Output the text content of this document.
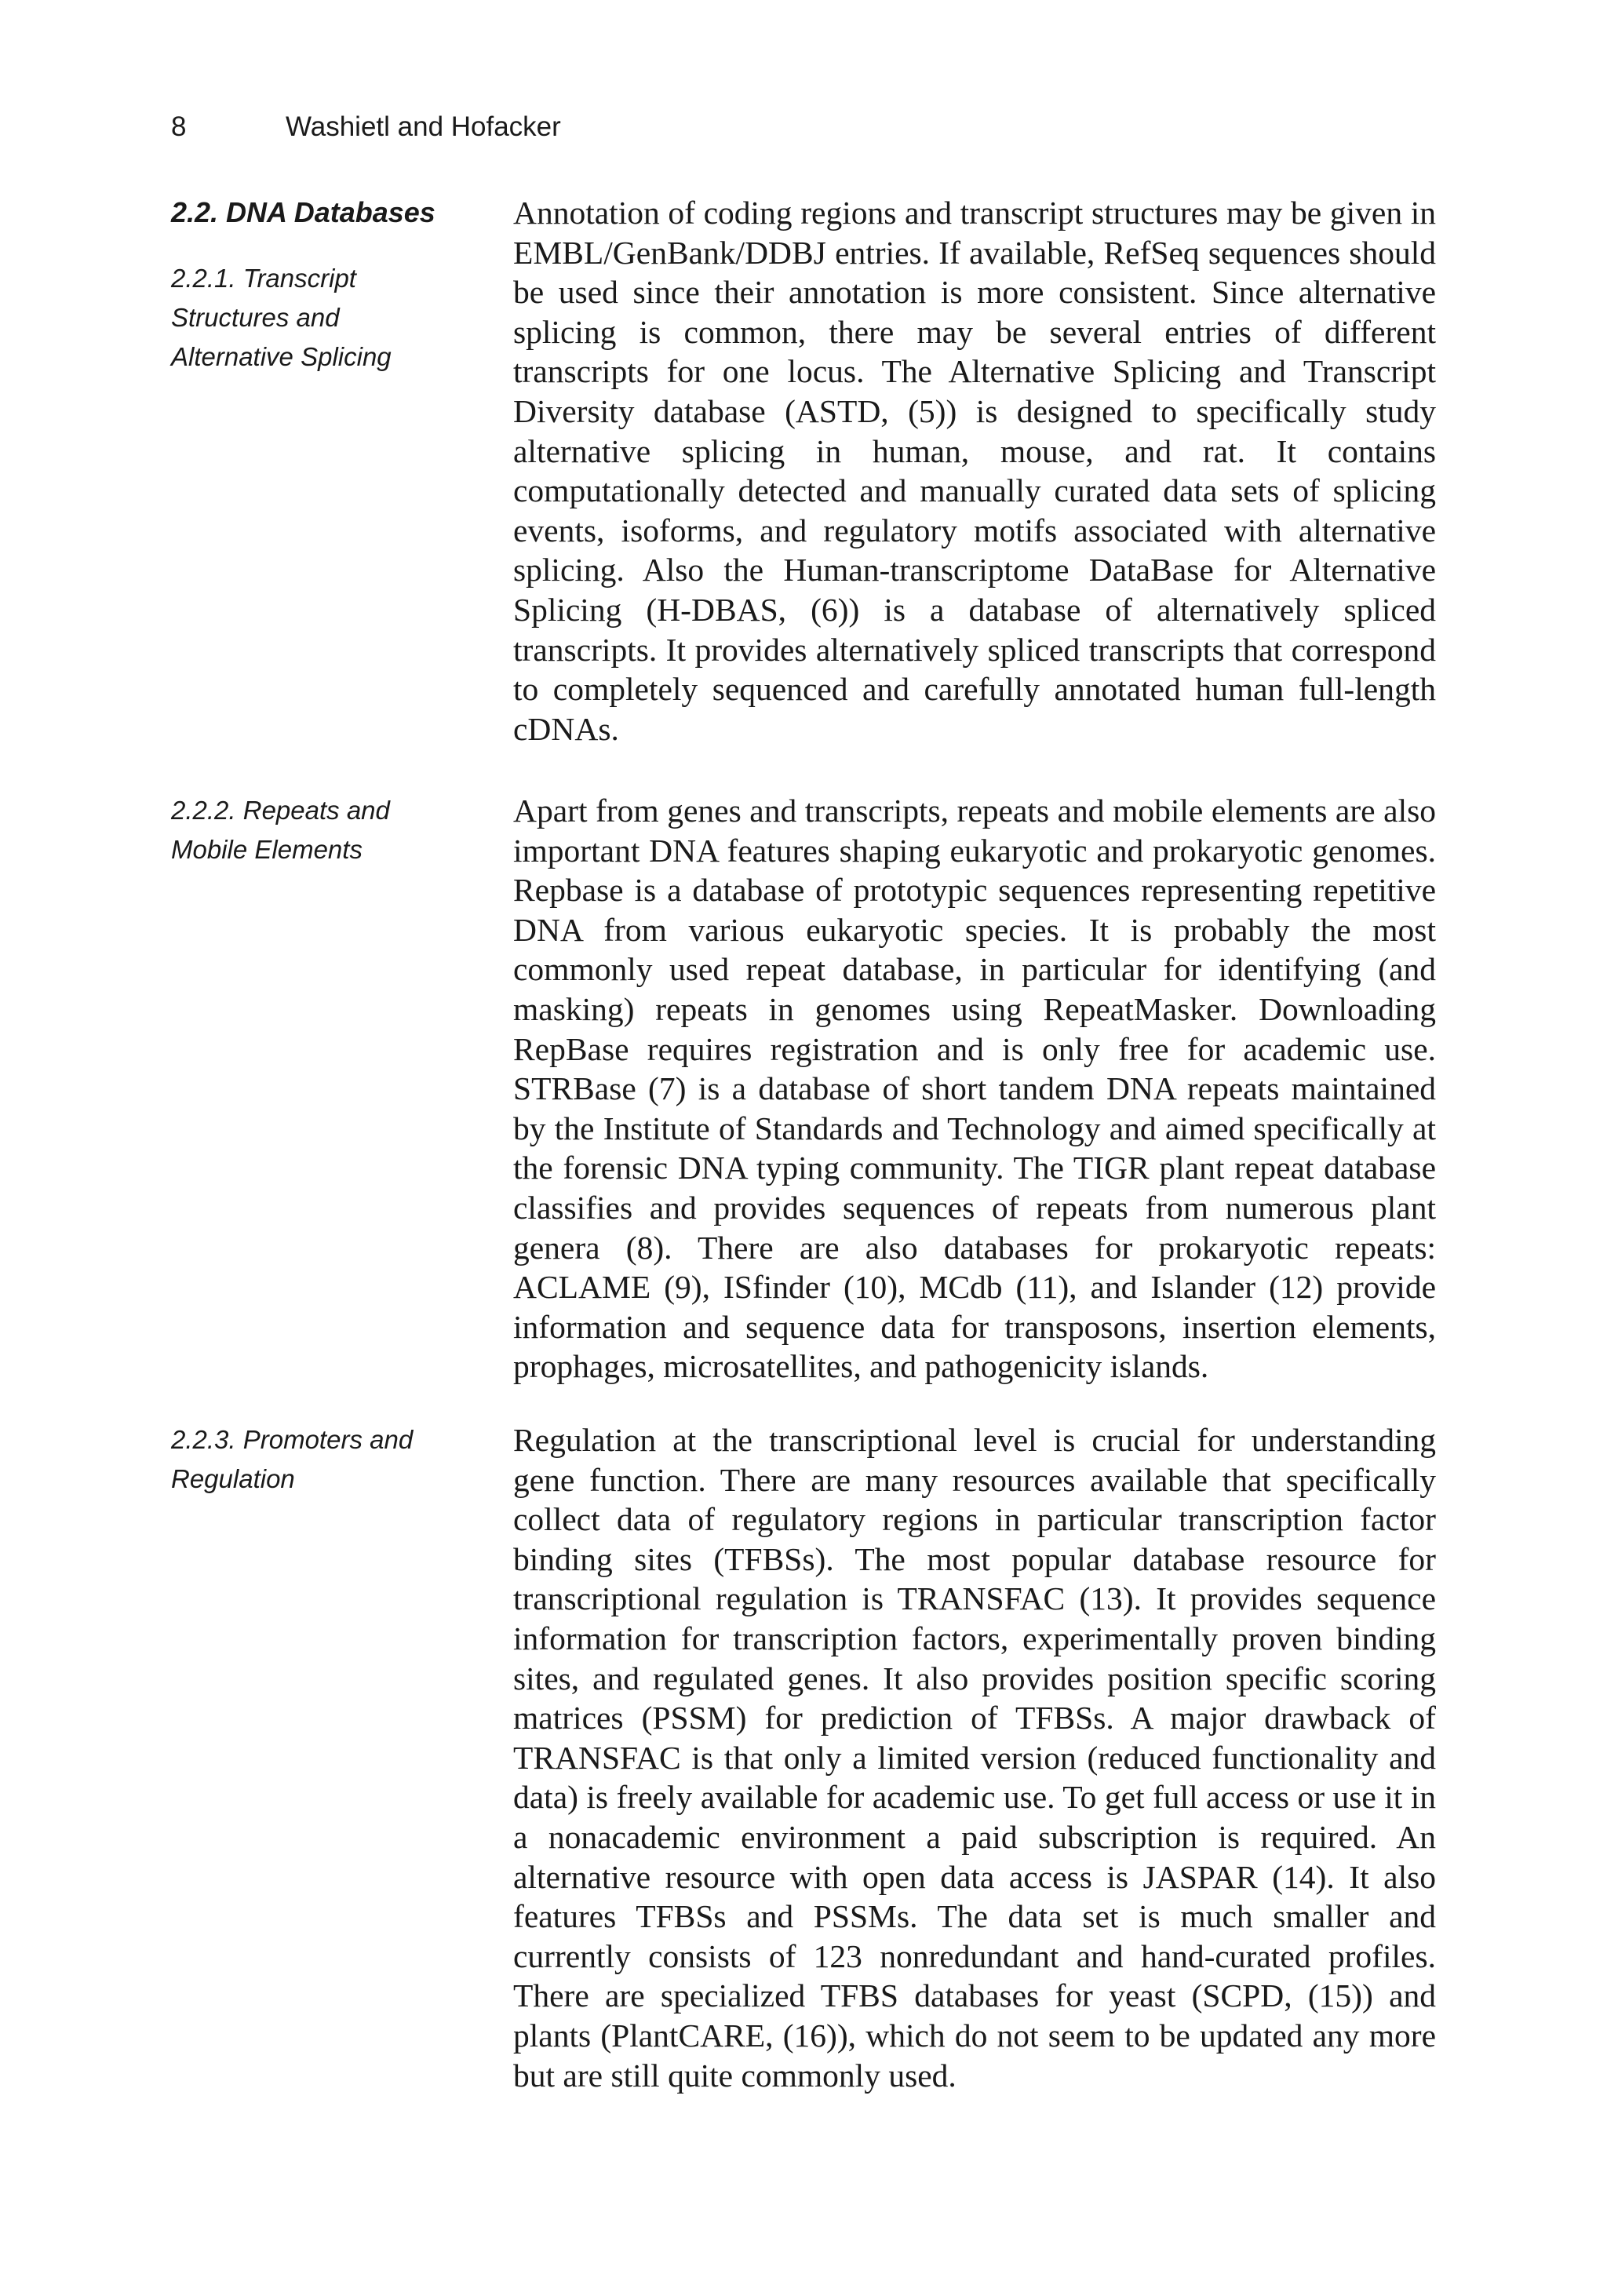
8	Washietl and Hofacker
2.2. DNA Databases
2.2.1. Transcript Structures and Alternative Splicing

Annotation of coding regions and transcript structures may be given in EMBL/GenBank/DDBJ entries. If available, RefSeq sequences should be used since their annotation is more consistent. Since alternative splicing is common, there may be several entries of different transcripts for one locus. The Alternative Splicing and Transcript Diversity database (ASTD, (5)) is designed to specifically study alternative splicing in human, mouse, and rat. It contains computationally detected and manually curated data sets of splicing events, isoforms, and regulatory motifs associated with alternative splicing. Also the Human-transcriptome DataBase for Alternative Splicing (H-DBAS, (6)) is a database of alternatively spliced transcripts. It provides alternatively spliced transcripts that correspond to completely sequenced and carefully annotated human full-length cDNAs.

2.2.2. Repeats and Mobile Elements

Apart from genes and transcripts, repeats and mobile elements are also important DNA features shaping eukaryotic and prokaryotic genomes. Repbase is a database of prototypic sequences representing repetitive DNA from various eukaryotic species. It is probably the most commonly used repeat database, in particular for identifying (and masking) repeats in genomes using RepeatMasker. Downloading RepBase requires registration and is only free for academic use. STRBase (7) is a database of short tandem DNA repeats maintained by the Institute of Standards and Technology and aimed specifically at the forensic DNA typing community. The TIGR plant repeat database classifies and provides sequences of repeats from numerous plant genera (8). There are also databases for prokaryotic repeats: ACLAME (9), ISfinder (10), MCdb (11), and Islander (12) provide information and sequence data for transposons, insertion elements, prophages, microsatellites, and pathogenicity islands.

2.2.3. Promoters and Regulation

Regulation at the transcriptional level is crucial for understanding gene function. There are many resources available that specifically collect data of regulatory regions in particular transcription factor binding sites (TFBSs). The most popular database resource for transcriptional regulation is TRANSFAC (13). It provides sequence information for transcription factors, experimentally proven binding sites, and regulated genes. It also provides position specific scoring matrices (PSSM) for prediction of TFBSs. A major drawback of TRANSFAC is that only a limited version (reduced functionality and data) is freely available for academic use. To get full access or use it in a nonacademic environment a paid subscription is required. An alternative resource with open data access is JASPAR (14). It also features TFBSs and PSSMs. The data set is much smaller and currently consists of 123 nonredundant and hand-curated profiles. There are specialized TFBS databases for yeast (SCPD, (15)) and plants (PlantCARE, (16)), which do not seem to be updated any more but are still quite commonly used.
